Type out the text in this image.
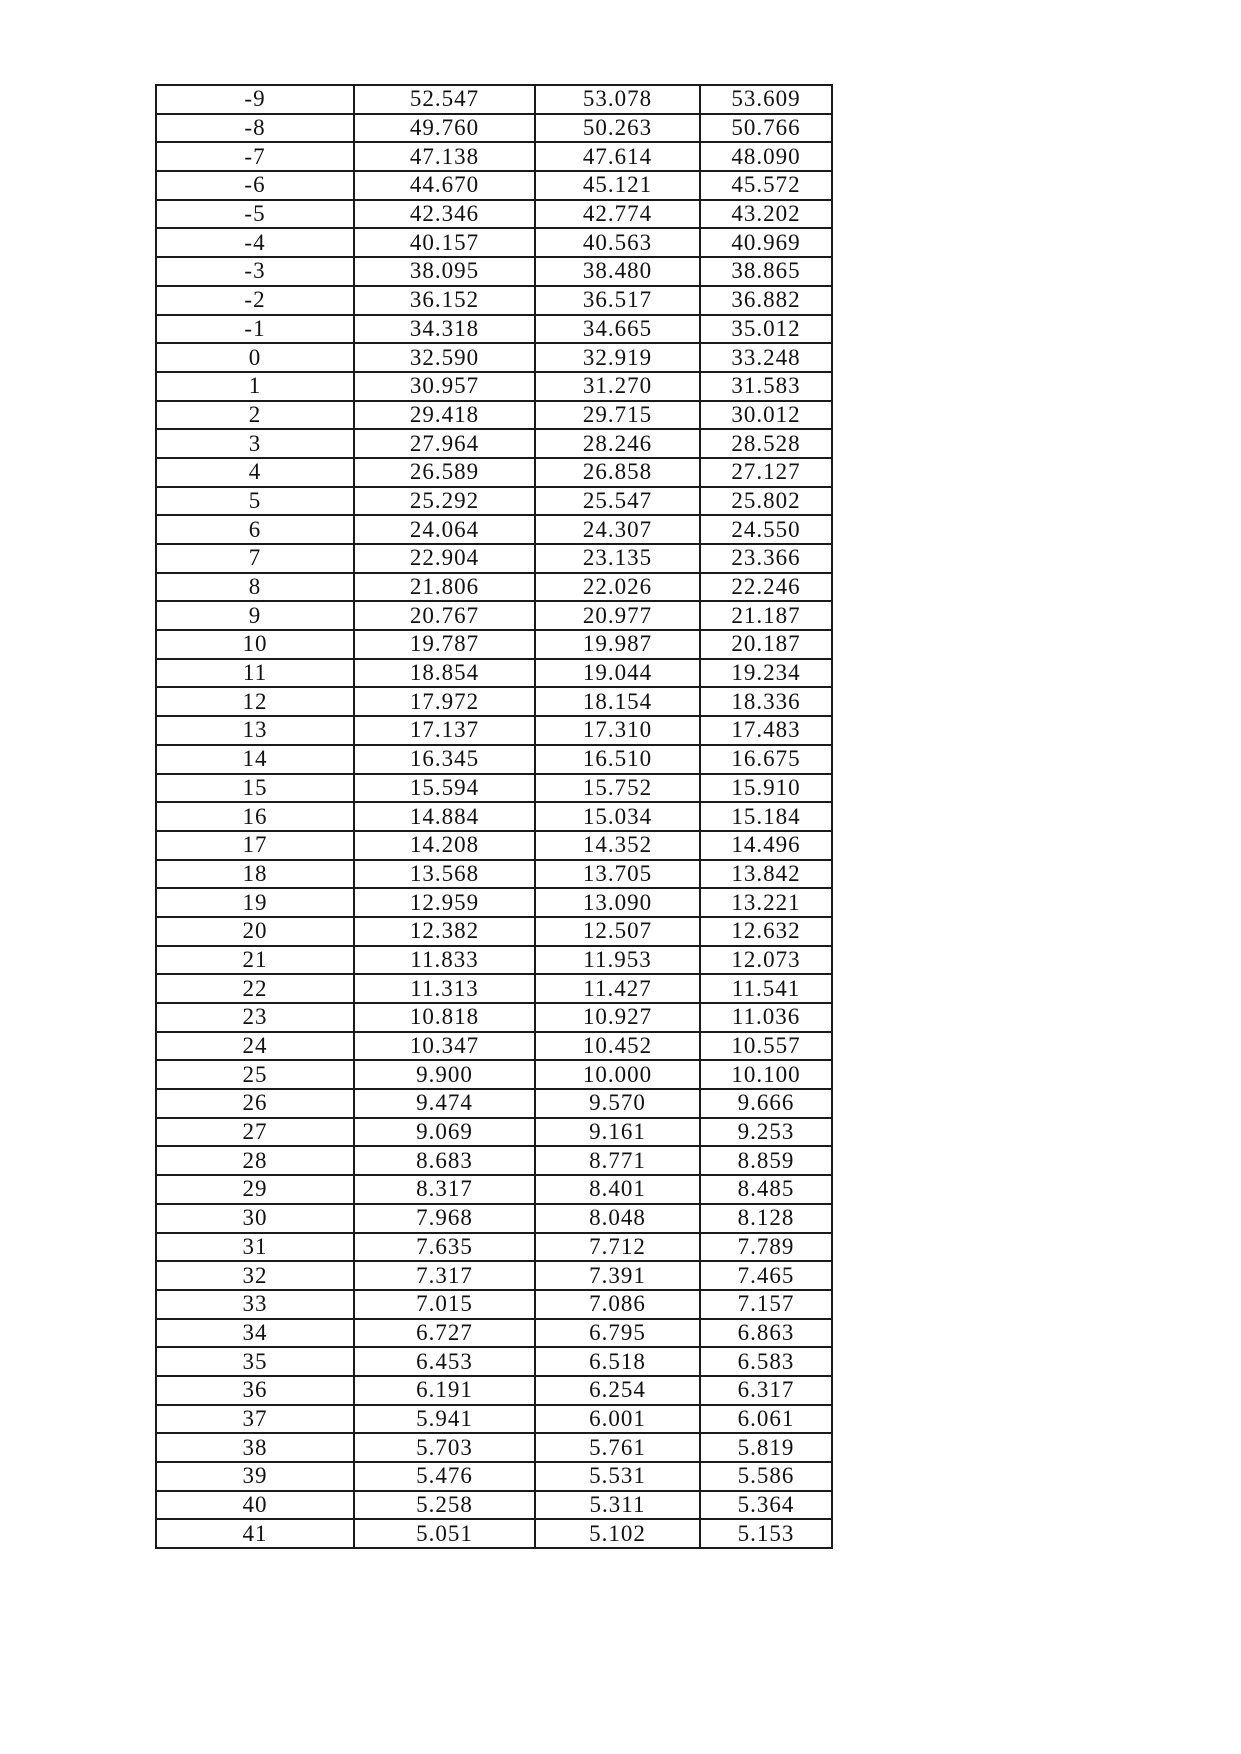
-9	52.547	53.078	53.609
-8	49.760	50.263	50.766
-7	47.138	47.614	48.090
-6	44.670	45.121	45.572
-5	42.346	42.774	43.202
-4	40.157	40.563	40.969
-3	38.095	38.480	38.865
-2	36.152	36.517	36.882
-1	34.318	34.665	35.012
0	32.590	32.919	33.248
1	30.957	31.270	31.583
2	29.418	29.715	30.012
3	27.964	28.246	28.528
4	26.589	26.858	27.127
5	25.292	25.547	25.802
6	24.064	24.307	24.550
7	22.904	23.135	23.366
8	21.806	22.026	22.246
9	20.767	20.977	21.187
10	19.787	19.987	20.187
11	18.854	19.044	19.234
12	17.972	18.154	18.336
13	17.137	17.310	17.483
14	16.345	16.510	16.675
15	15.594	15.752	15.910
16	14.884	15.034	15.184
17	14.208	14.352	14.496
18	13.568	13.705	13.842
19	12.959	13.090	13.221
20	12.382	12.507	12.632
21	11.833	11.953	12.073
22	11.313	11.427	11.541
23	10.818	10.927	11.036
24	10.347	10.452	10.557
25	9.900	10.000	10.100
26	9.474	9.570	9.666
27	9.069	9.161	9.253
28	8.683	8.771	8.859
29	8.317	8.401	8.485
30	7.968	8.048	8.128
31	7.635	7.712	7.789
32	7.317	7.391	7.465
33	7.015	7.086	7.157
34	6.727	6.795	6.863
35	6.453	6.518	6.583
36	6.191	6.254	6.317
37	5.941	6.001	6.061
38	5.703	5.761	5.819
39	5.476	5.531	5.586
40	5.258	5.311	5.364
41	5.051	5.102	5.153
